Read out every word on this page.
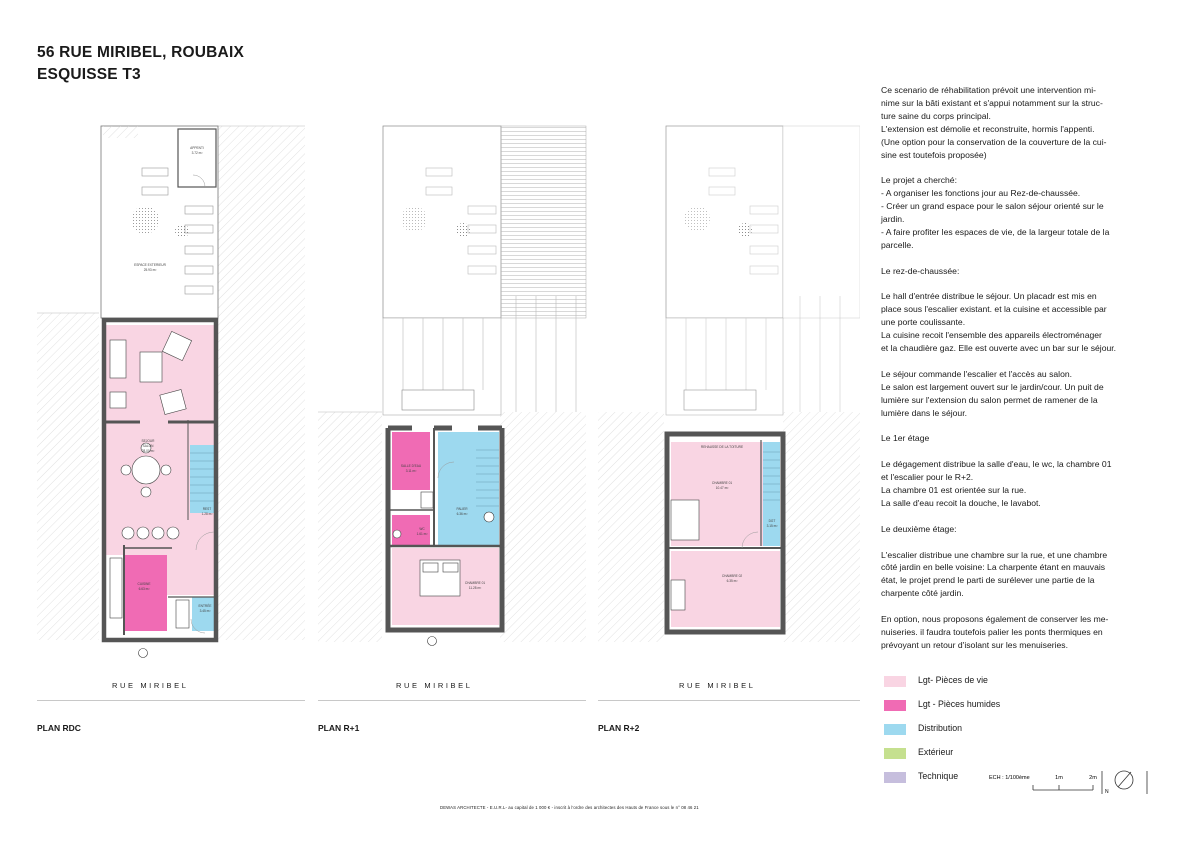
56 RUE MIRIBEL, ROUBAIX
ESQUISSE T3
APPENTI
3.72 m²
ESPACE EXTERIEUR
25.93 m²
SEJOUR
SALON
28.00 m²
REST
1.28 m²
CUISINE
6.63 m²
ENTRÉE
3.45 m²
SALLE D'EAU
3.11 m²
PALIER
6.36 m²
WC
1.61 m²
CHAMBRE 01
11.28 m²
CHAMBRE 01
10.47 m²
DGT
3.15 m²
CHAMBRE 02
6.35 m²
REHAUSSE DE LA TOITURE
RUE MIRIBEL	RUE MIRIBEL	RUE MIRIBEL
PLAN RDC	PLAN R+1	PLAN R+2

Ce scenario de réhabilitation prévoit une intervention mi-
nime sur la bâti existant et s'appui notamment sur la struc-
ture saine du corps principal.
L'extension est démolie et reconstruite, hormis l'appenti.
(Une option pour la conservation de la couverture de la cui-
sine est toutefois proposée)

Le projet a cherché:
- A organiser les fonctions jour au Rez-de-chaussée.
- Créer un grand espace pour le salon séjour orienté sur le
jardin.
- A faire profiter les espaces de vie, de la largeur totale de la
parcelle.

Le rez-de-chaussée:

Le hall d'entrée distribue le séjour. Un placadr est mis en
place sous l'escalier existant. et la cuisine et accessible par
une porte coulissante.
La cuisine recoit l'ensemble des appareils électroménager
et la chaudière gaz. Elle est ouverte avec un bar sur le séjour.

Le séjour commande l'escalier et l'accès au salon.
Le salon est largement ouvert sur le jardin/cour. Un puit de
lumière sur l'extension du salon permet de ramener de la
lumière dans le séjour.

Le 1er étage

Le dégagement distribue la salle d'eau, le wc, la chambre 01
et l'escalier pour le R+2.
La chambre 01 est orientée sur la rue.
La salle d'eau recoit la douche, le lavabot.

Le deuxième étage:

L'escalier distribue une chambre sur la rue, et une chambre
côté jardin en belle voisine: La charpente étant en mauvais
état, le projet prend le parti de surélever une partie de la
charpente côté jardin.

En option, nous proposons également de conserver les me-
nuiseries. il faudra toutefois palier les ponts thermiques en
prévoyant un retour d'isolant sur les menuiseries.

Lgt- Pièces de vie
Lgt - Pièces humides
Distribution
Extérieur
Technique	ECH : 1/100ème	1m	2m
N
DEWAS ARCHITECTE - E.U.R.L- au capital de 1 000 € - inscrit à l'ordre des architectes des Hauts de France sous le n° 08 46 21
